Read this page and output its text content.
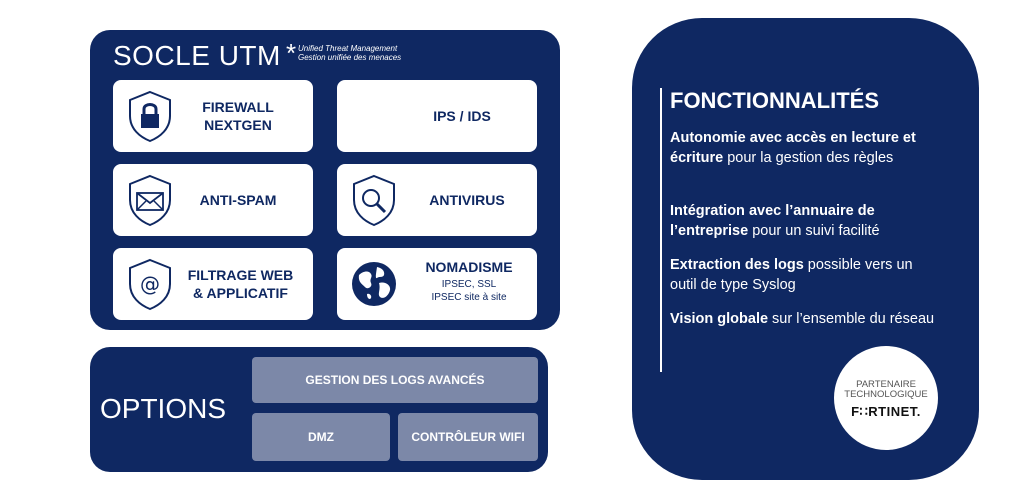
SOCLE UTM * Unified Threat Management
Gestion unifiée des menaces
FIREWALL
NEXTGEN
IPS / IDS
ANTI-SPAM	ANTIVIRUS
@	FILTRAGE WEB
& APPLICATIF
NOMADISME
IPSEC, SSL
IPSEC site à site
OPTIONS
GESTION DES LOGS AVANCÉS
DMZ	CONTRÔLEUR WIFI
FONCTIONNALITÉS
Autonomie avec accès en lecture et écriture pour la gestion des règles
Intégration avec l’annuaire de l’entreprise pour un suivi facilité
Extraction des logs possible vers un outil de type Syslog
Vision globale sur l’ensemble du réseau
PARTENAIRE
TECHNOLOGIQUE
F∷RTINET.
